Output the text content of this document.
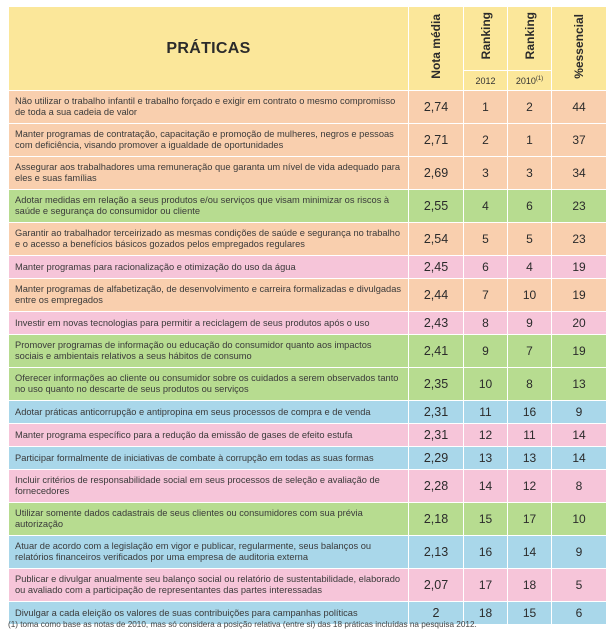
PRÁTICAS	Nota média	Ranking	Ranking	%essencial
		2012	2010$^{(1)}$
Não utilizar o trabalho infantil e trabalho forçado e exigir em contrato o mesmo compromisso de toda a sua cadeia de valor	2,74	1	2	44
Manter programas de contratação, capacitação e promoção de mulheres, negros e pessoas com deficiência, visando promover a igualdade de oportunidades	2,71	2	1	37
Assegurar aos trabalhadores uma remuneração que garanta um nível de vida adequado para eles e suas famílias	2,69	3	3	34
Adotar medidas em relação a seus produtos e/ou serviços que visam minimizar os riscos à saúde e segurança do consumidor ou cliente	2,55	4	6	23
Garantir ao trabalhador terceirizado as mesmas condições de saúde e segurança no trabalho e o acesso a benefícios básicos gozados pelos empregados regulares	2,54	5	5	23
Manter programas para racionalização e otimização do uso da água	2,45	6	4	19
Manter programas de alfabetização, de desenvolvimento e carreira formalizadas e divulgadas entre os empregados	2,44	7	10	19
Investir em novas tecnologias para permitir a reciclagem de seus produtos após o uso	2,43	8	9	20
Promover programas de informação ou educação do consumidor quanto aos impactos sociais e ambientais relativos a seus hábitos de consumo	2,41	9	7	19
Oferecer informações ao cliente ou consumidor sobre os cuidados a serem observados tanto no uso quanto no descarte de seus produtos ou serviços	2,35	10	8	13
Adotar práticas anticorrupção e antipropina em seus processos de compra e de venda	2,31	11	16	9
Manter programa específico para a redução da emissão de gases de efeito estufa	2,31	12	11	14
Participar formalmente de iniciativas de combate à corrupção em todas as suas formas	2,29	13	13	14
Incluir critérios de responsabilidade social em seus processos de seleção e avaliação de fornecedores	2,28	14	12	8
Utilizar somente dados cadastrais de seus clientes ou consumidores com sua prévia autorização	2,18	15	17	10
Atuar de acordo com a legislação em vigor e publicar, regularmente, seus balanços ou relatórios financeiros verificados por uma empresa de auditoria externa	2,13	16	14	9
Publicar e divulgar anualmente seu balanço social ou relatório de sustentabilidade, elaborado ou avaliado com a participação de representantes das partes interessadas	2,07	17	18	5
Divulgar a cada eleição os valores de suas contribuições para campanhas políticas	2	18	15	6
(1) toma como base as notas de 2010, mas só considera a posição relativa (entre si) das 18 práticas incluídas na pesquisa 2012.
